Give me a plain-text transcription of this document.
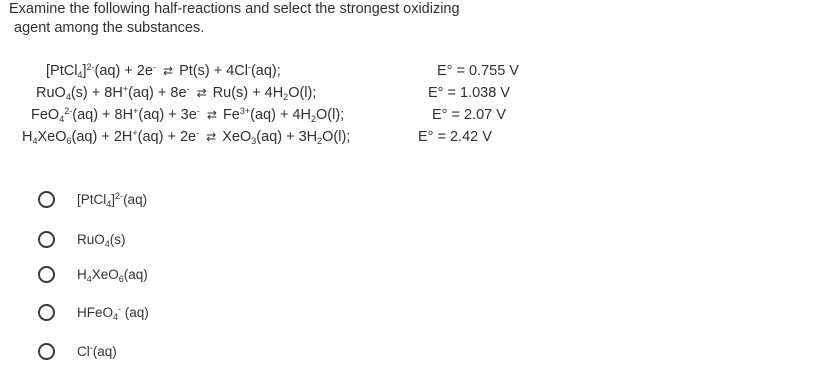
Examine the following half-reactions and select the strongest oxidizing
agent among the substances.
[PtCl$_4$]$^{2-}$(aq) + 2e- ⇄ Pt(s) + 4Cl-(aq);	E° = 0.755 V
RuO$_4$(s) + 8H+(aq) + 8e- ⇄ $Ru(s) + 4H_2O(l)$;	E° = 1.038 V
FeO$_4^{2-}$(aq) + 8H+(aq) + 3e- ⇄ $Fe^{3+}(aq) + 4H_2O(l)$;	E° = 2.07 V
$H_4XeO_6(aq) + 2H^+(aq) + 2e^-$ ⇄ $XeO_3(aq) + 3H_2O(l)$;	E° = 2.42 V
[PtCl$_4$]$^{2-}$(aq)
RuO$_4$(s)
$H_4XeO_6(aq)$
HFeO$_4$- (aq)
Cl-(aq)
